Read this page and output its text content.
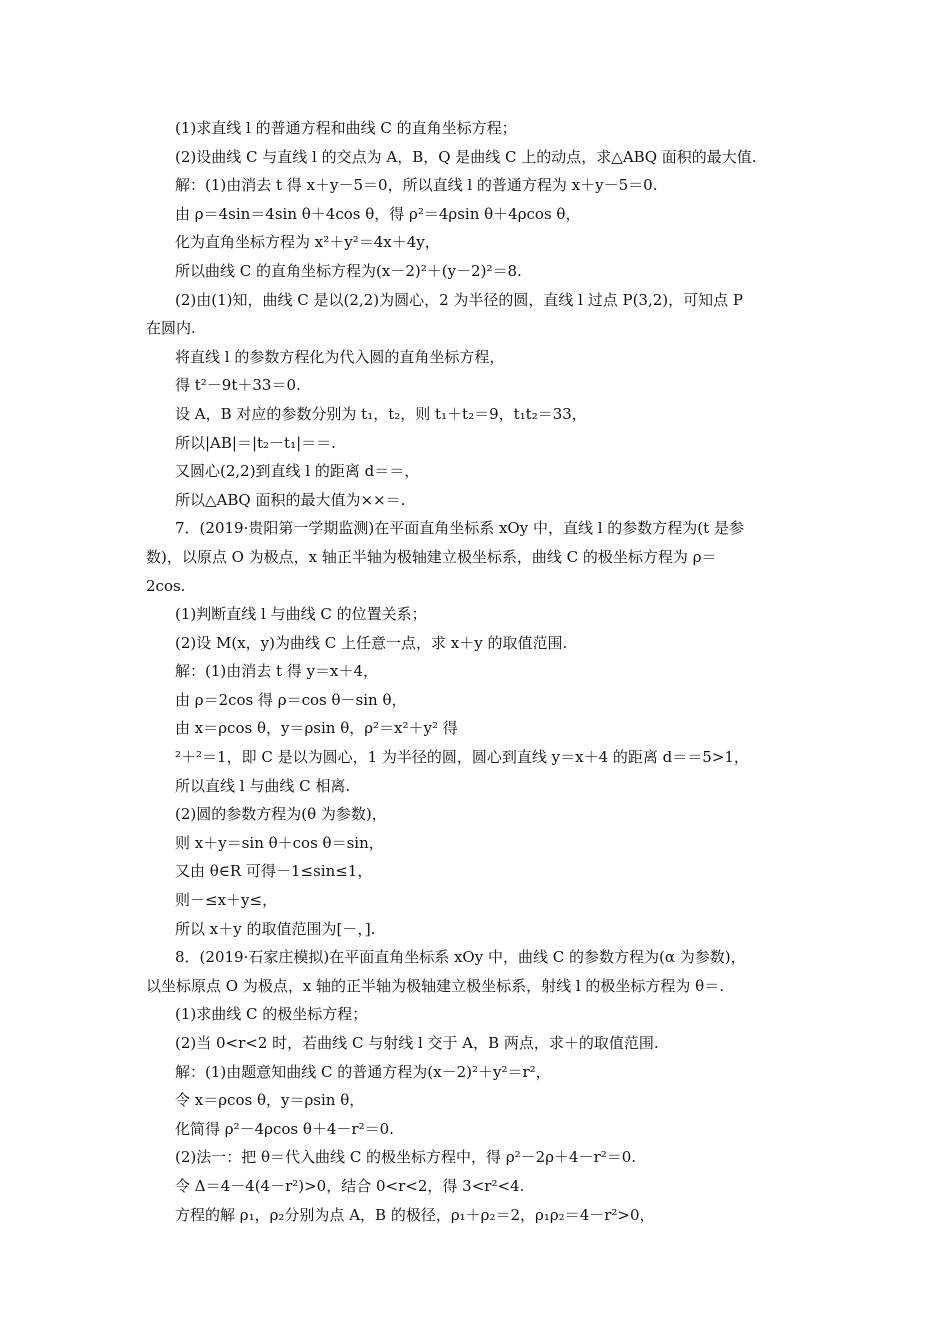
(1)求直线 l 的普通方程和曲线 C 的直角坐标方程；
(2)设曲线 C 与直线 l 的交点为 A，B，Q 是曲线 C 上的动点，求△ABQ 面积的最大值.
解：(1)由消去 t 得 x＋y－5＝0，所以直线 l 的普通方程为 x＋y－5＝0.
由 ρ＝4sin＝4sin θ＋4cos θ，得 ρ²＝4ρsin θ＋4ρcos θ，
化为直角坐标方程为 x²＋y²＝4x＋4y，
所以曲线 C 的直角坐标方程为(x－2)²＋(y－2)²＝8.
(2)由(1)知，曲线 C 是以(2,2)为圆心，2 为半径的圆，直线 l 过点 P(3,2)，可知点 P
在圆内.
将直线 l 的参数方程化为代入圆的直角坐标方程，
得 t²－9t＋33＝0.
设 A，B 对应的参数分别为 t₁，t₂，则 t₁＋t₂＝9，t₁t₂＝33，
所以|AB|＝|t₂－t₁|＝＝.
又圆心(2,2)到直线 l 的距离 d＝＝，
所以△ABQ 面积的最大值为××＝.
7．(2019·贵阳第一学期监测)在平面直角坐标系 xOy 中，直线 l 的参数方程为(t 是参
数)，以原点 O 为极点，x 轴正半轴为极轴建立极坐标系，曲线 C 的极坐标方程为 ρ＝
2cos.
(1)判断直线 l 与曲线 C 的位置关系；
(2)设 M(x，y)为曲线 C 上任意一点，求 x＋y 的取值范围.
解：(1)由消去 t 得 y＝x＋4，
由 ρ＝2cos 得 ρ＝cos θ－sin θ，
由 x＝ρcos θ，y＝ρsin θ，ρ²＝x²＋y² 得
²＋²＝1，即 C 是以为圆心，1 为半径的圆，圆心到直线 y＝x＋4 的距离 d＝＝5>1，
所以直线 l 与曲线 C 相离.
(2)圆的参数方程为(θ 为参数)，
则 x＋y＝sin θ＋cos θ＝sin，
又由 θ∈R 可得－1≤sin≤1，
则－≤x＋y≤，
所以 x＋y 的取值范围为[－，].
8．(2019·石家庄模拟)在平面直角坐标系 xOy 中，曲线 C 的参数方程为(α 为参数)，
以坐标原点 O 为极点，x 轴的正半轴为极轴建立极坐标系，射线 l 的极坐标方程为 θ＝.
(1)求曲线 C 的极坐标方程；
(2)当 0<r<2 时，若曲线 C 与射线 l 交于 A，B 两点，求＋的取值范围.
解：(1)由题意知曲线 C 的普通方程为(x－2)²＋y²＝r²，
令 x＝ρcos θ，y＝ρsin θ，
化简得 ρ²－4ρcos θ＋4－r²＝0.
(2)法一：把 θ＝代入曲线 C 的极坐标方程中，得 ρ²－2ρ＋4－r²＝0.
令 Δ＝4－4(4－r²)>0，结合 0<r<2，得 3<r²<4.
方程的解 ρ₁，ρ₂分别为点 A，B 的极径，ρ₁＋ρ₂＝2，ρ₁ρ₂＝4－r²>0，
